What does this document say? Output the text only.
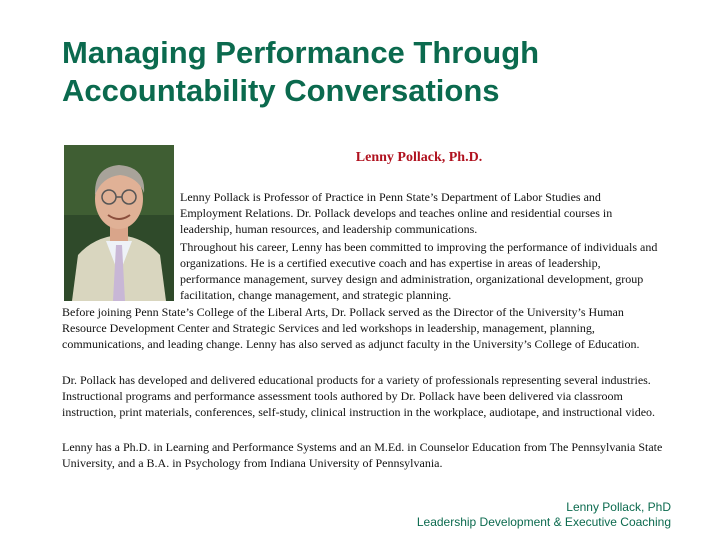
Managing Performance Through
Accountability Conversations
Lenny Pollack, Ph.D.

Lenny Pollack is Professor of Practice in Penn State’s Department of Labor Studies and Employment Relations. Dr. Pollack develops and teaches online and residential courses in leadership, human resources, and leadership communications.

Throughout his career, Lenny has been committed to improving the performance of individuals and organizations. He is a certified executive coach and has expertise in areas of leadership, performance management, survey design and administration, organizational development, group facilitation, change management, and strategic planning.

Before joining Penn State’s College of the Liberal Arts, Dr. Pollack served as the Director of the University’s Human Resource Development Center and Strategic Services and led workshops in leadership, management, planning, communications, and leading change. Lenny has also served as adjunct faculty in the University’s College of Education.

Dr. Pollack has developed and delivered educational products for a variety of professionals representing several industries. Instructional programs and performance assessment tools authored by Dr. Pollack have been delivered via classroom instruction, print materials, conferences, self-study, clinical instruction in the workplace, audiotape, and instructional video.

Lenny has a Ph.D. in Learning and Performance Systems and an M.Ed. in Counselor Education from The Pennsylvania State University, and a B.A. in Psychology from Indiana University of Pennsylvania.

Lenny Pollack, PhD
Leadership Development & Executive Coaching
